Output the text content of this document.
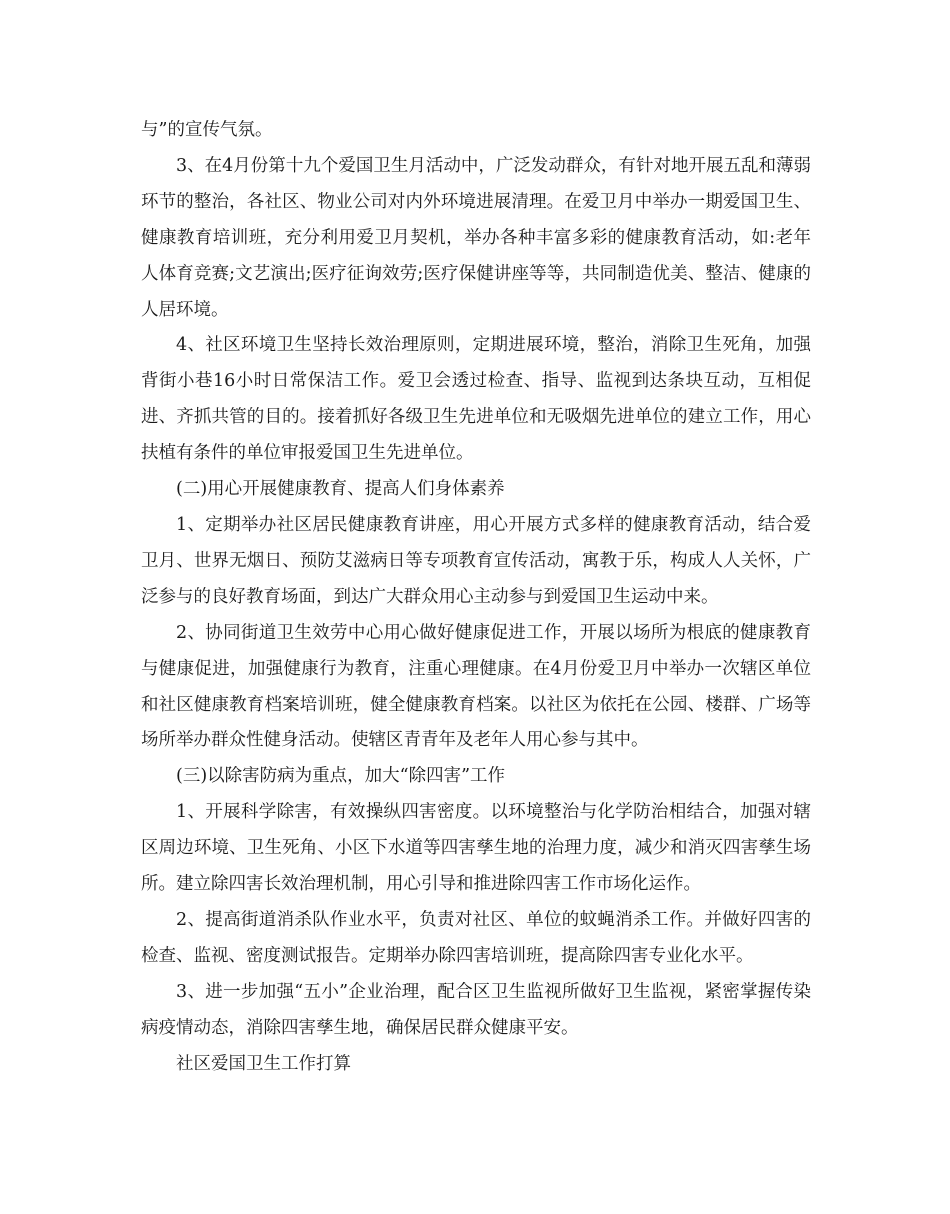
与”的宣传气氛。

3、在4月份第十九个爱国卫生月活动中，广泛发动群众，有针对地开展五乱和薄弱环节的整治，各社区、物业公司对内外环境进展清理。在爱卫月中举办一期爱国卫生、健康教育培训班，充分利用爱卫月契机，举办各种丰富多彩的健康教育活动，如:老年人体育竞赛;文艺演出;医疗征询效劳;医疗保健讲座等等，共同制造优美、整洁、健康的人居环境。

4、社区环境卫生坚持长效治理原则，定期进展环境，整治，消除卫生死角，加强背街小巷16小时日常保洁工作。爱卫会透过检查、指导、监视到达条块互动，互相促进、齐抓共管的目的。接着抓好各级卫生先进单位和无吸烟先进单位的建立工作，用心扶植有条件的单位审报爱国卫生先进单位。

(二)用心开展健康教育、提高人们身体素养

1、定期举办社区居民健康教育讲座，用心开展方式多样的健康教育活动，结合爱卫月、世界无烟日、预防艾滋病日等专项教育宣传活动，寓教于乐，构成人人关怀，广泛参与的良好教育场面，到达广大群众用心主动参与到爱国卫生运动中来。

2、协同街道卫生效劳中心用心做好健康促进工作，开展以场所为根底的健康教育与健康促进，加强健康行为教育，注重心理健康。在4月份爱卫月中举办一次辖区单位和社区健康教育档案培训班，健全健康教育档案。以社区为依托在公园、楼群、广场等场所举办群众性健身活动。使辖区青青年及老年人用心参与其中。

(三)以除害防病为重点，加大“除四害”工作

1、开展科学除害，有效操纵四害密度。以环境整治与化学防治相结合，加强对辖区周边环境、卫生死角、小区下水道等四害孳生地的治理力度，减少和消灭四害孳生场所。建立除四害长效治理机制，用心引导和推进除四害工作市场化运作。

2、提高街道消杀队作业水平，负责对社区、单位的蚊蝇消杀工作。并做好四害的检查、监视、密度测试报告。定期举办除四害培训班，提高除四害专业化水平。

3、进一步加强“五小”企业治理，配合区卫生监视所做好卫生监视，紧密掌握传染病疫情动态，消除四害孳生地，确保居民群众健康平安。

社区爱国卫生工作打算
